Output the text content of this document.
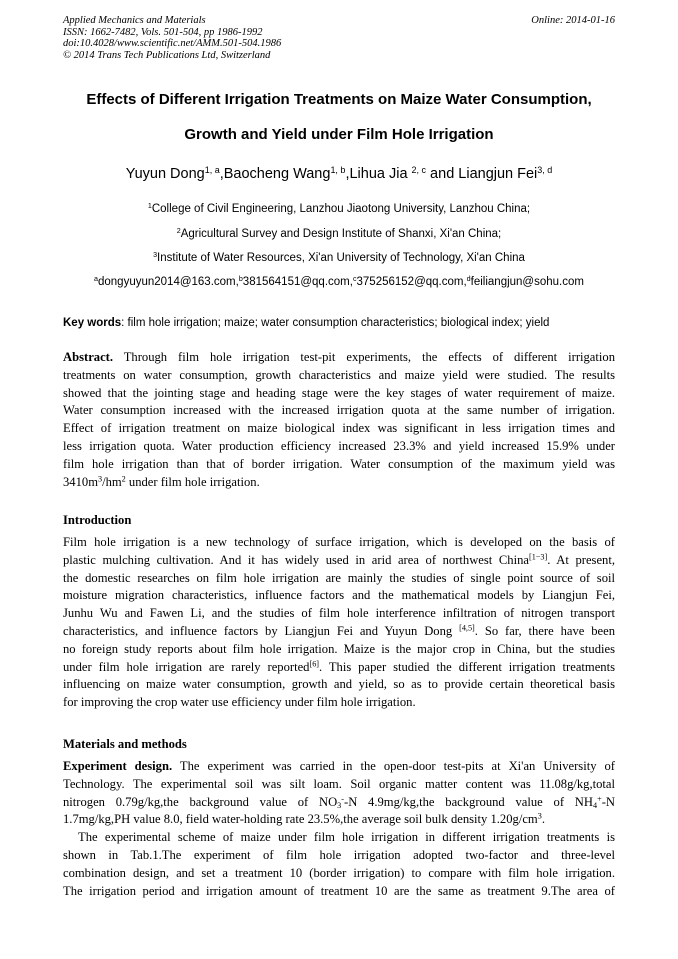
Applied Mechanics and Materials
ISSN: 1662-7482, Vols. 501-504, pp 1986-1992
doi:10.4028/www.scientific.net/AMM.501-504.1986
© 2014 Trans Tech Publications Ltd, Switzerland
Online: 2014-01-16
Effects of Different Irrigation Treatments on Maize Water Consumption,
Growth and Yield under Film Hole Irrigation
Yuyun Dong$^{1, a}$,Baocheng Wang$^{1, b}$,Lihua Jia $^{2, c}$ and Liangjun Fei$^{3, d}$
$^1$College of Civil Engineering, Lanzhou Jiaotong University, Lanzhou China;
$^2$Agricultural Survey and Design Institute of Shanxi, Xi'an China;
$^3$Institute of Water Resources, Xi'an University of Technology, Xi'an China
$^a$dongyuyun2014@163.com,$^b$381564151@qq.com,$^c$375256152@qq.com,$^d$feiliangjun@sohu.com
Key words: film hole irrigation; maize; water consumption characteristics; biological index; yield
Abstract. Through film hole irrigation test-pit experiments, the effects of different irrigation
treatments on water consumption, growth characteristics and maize yield were studied. The results
showed that the jointing stage and heading stage were the key stages of water requirement of maize.
Water consumption increased with the increased irrigation quota at the same number of irrigation.
Effect of irrigation treatment on maize biological index was significant in less irrigation times and
less irrigation quota. Water production efficiency increased 23.3% and yield increased 15.9% under
film hole irrigation than that of border irrigation. Water consumption of the maximum yield was
$3410m^3/hm^2$ under film hole irrigation.
Introduction
Film hole irrigation is a new technology of surface irrigation, which is developed on the basis of
plastic mulching cultivation. And it has widely used in arid area of northwest China[1−3]. At present,
the domestic researches on film hole irrigation are mainly the studies of single point source of soil
moisture migration characteristics, influence factors and the mathematical models by Liangjun Fei,
Junhu Wu and Fawen Li, and the studies of film hole interference infiltration of nitrogen transport
characteristics, and influence factors by Liangjun Fei and Yuyun Dong [4,5]. So far, there have been
no foreign study reports about film hole irrigation. Maize is the major crop in China, but the studies
under film hole irrigation are rarely reported[6]. This paper studied the different irrigation treatments
influencing on maize water consumption, growth and yield, so as to provide certain theoretical basis
for improving the crop water use efficiency under film hole irrigation.
Materials and methods
Experiment design. The experiment was carried in the open-door test-pits at Xi'an University of
Technology. The experimental soil was silt loam. Soil organic matter content was 11.08g/kg,total
nitrogen 0.79g/kg,the background value of $NO_3^--N$ 4.9mg/kg,the background value of $NH_4^+-N$
1.7mg/kg,PH value 8.0, field water-holding rate 23.5%,the average soil bulk density $1.20g/cm^3$.
The experimental scheme of maize under film hole irrigation in different irrigation treatments is
shown in Tab.1.The experiment of film hole irrigation adopted two-factor and three-level
combination design, and set a treatment 10 (border irrigation) to compare with film hole irrigation.
The irrigation period and irrigation amount of treatment 10 are the same as treatment 9.The area of
